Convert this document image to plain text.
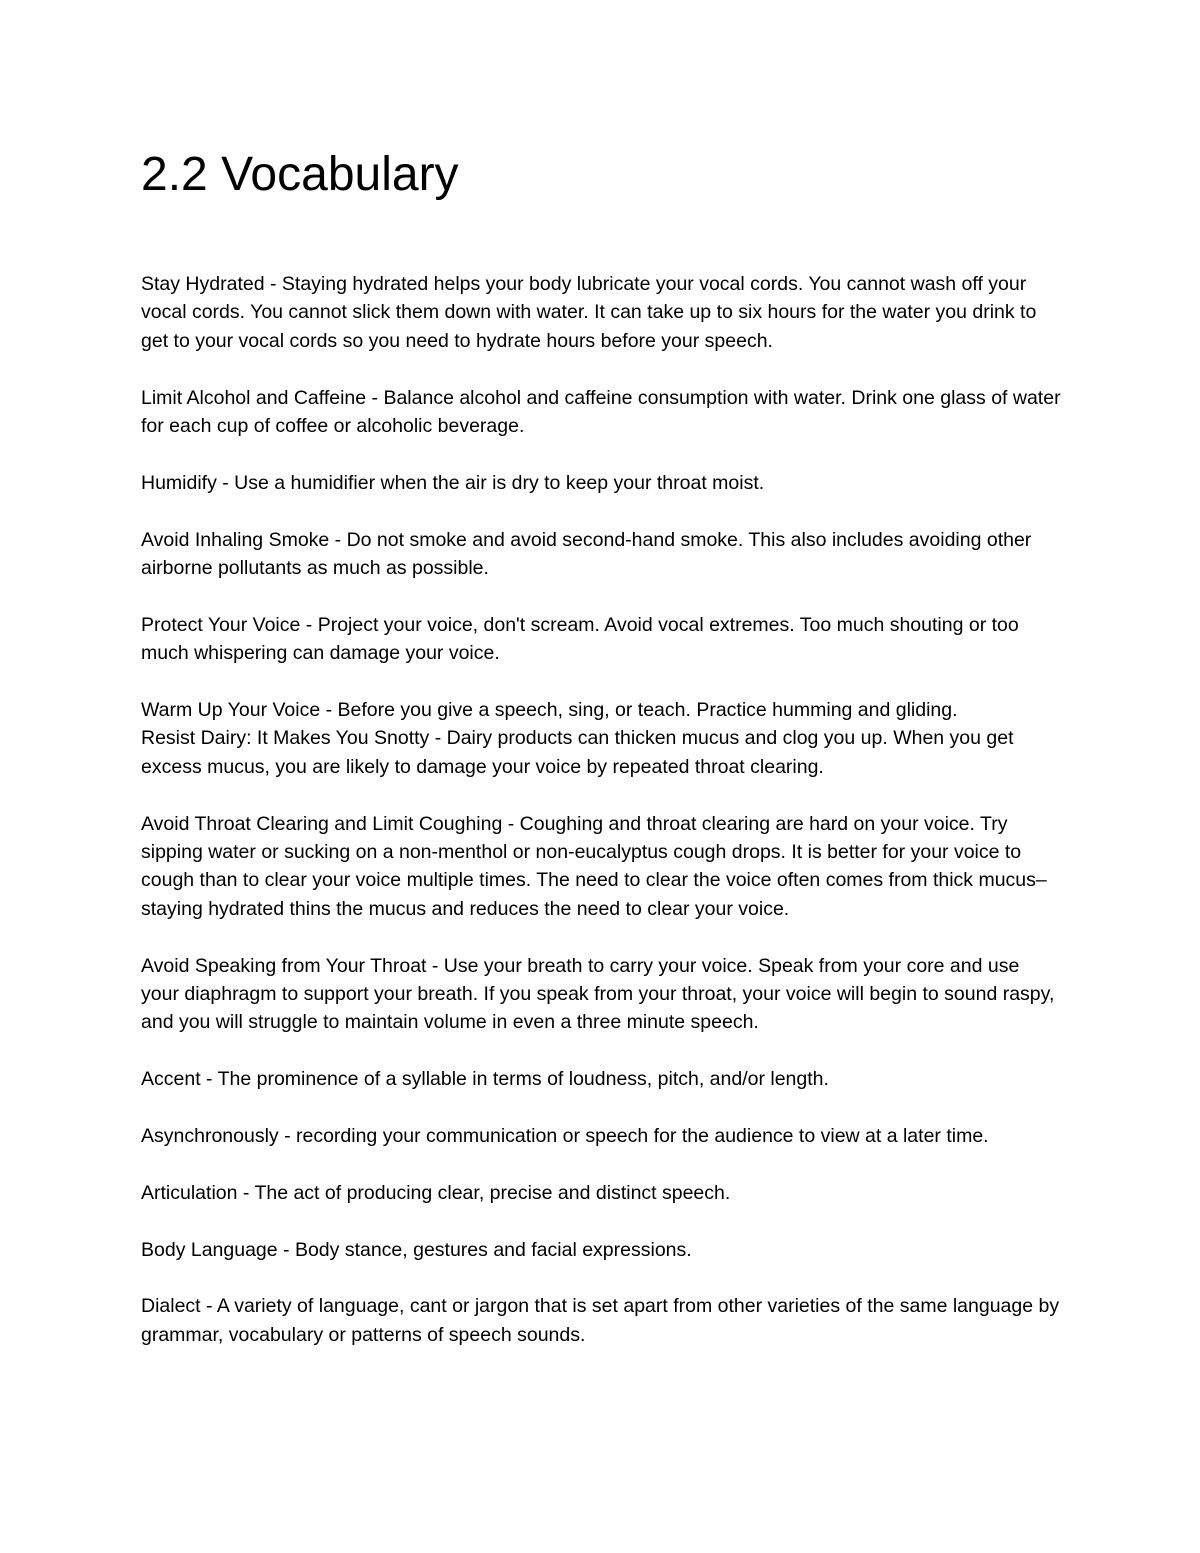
2.2 Vocabulary

Stay Hydrated - Staying hydrated helps your body lubricate your vocal cords. You cannot wash off your vocal cords. You cannot slick them down with water. It can take up to six hours for the water you drink to get to your vocal cords so you need to hydrate hours before your speech.

Limit Alcohol and Caffeine - Balance alcohol and caffeine consumption with water. Drink one glass of water for each cup of coffee or alcoholic beverage.

Humidify - Use a humidifier when the air is dry to keep your throat moist.

Avoid Inhaling Smoke - Do not smoke and avoid second-hand smoke. This also includes avoiding other airborne pollutants as much as possible.

Protect Your Voice - Project your voice, don't scream. Avoid vocal extremes. Too much shouting or too much whispering can damage your voice.

Warm Up Your Voice - Before you give a speech, sing, or teach. Practice humming and gliding.

Resist Dairy: It Makes You Snotty - Dairy products can thicken mucus and clog you up. When you get excess mucus, you are likely to damage your voice by repeated throat clearing.

Avoid Throat Clearing and Limit Coughing - Coughing and throat clearing are hard on your voice. Try sipping water or sucking on a non-menthol or non-eucalyptus cough drops. It is better for your voice to cough than to clear your voice multiple times. The need to clear the voice often comes from thick mucus–staying hydrated thins the mucus and reduces the need to clear your voice.

Avoid Speaking from Your Throat - Use your breath to carry your voice. Speak from your core and use your diaphragm to support your breath. If you speak from your throat, your voice will begin to sound raspy, and you will struggle to maintain volume in even a three minute speech.

Accent - The prominence of a syllable in terms of loudness, pitch, and/or length.

Asynchronously - recording your communication or speech for the audience to view at a later time.

Articulation - The act of producing clear, precise and distinct speech.

Body Language - Body stance, gestures and facial expressions.

Dialect - A variety of language, cant or jargon that is set apart from other varieties of the same language by grammar, vocabulary or patterns of speech sounds.
